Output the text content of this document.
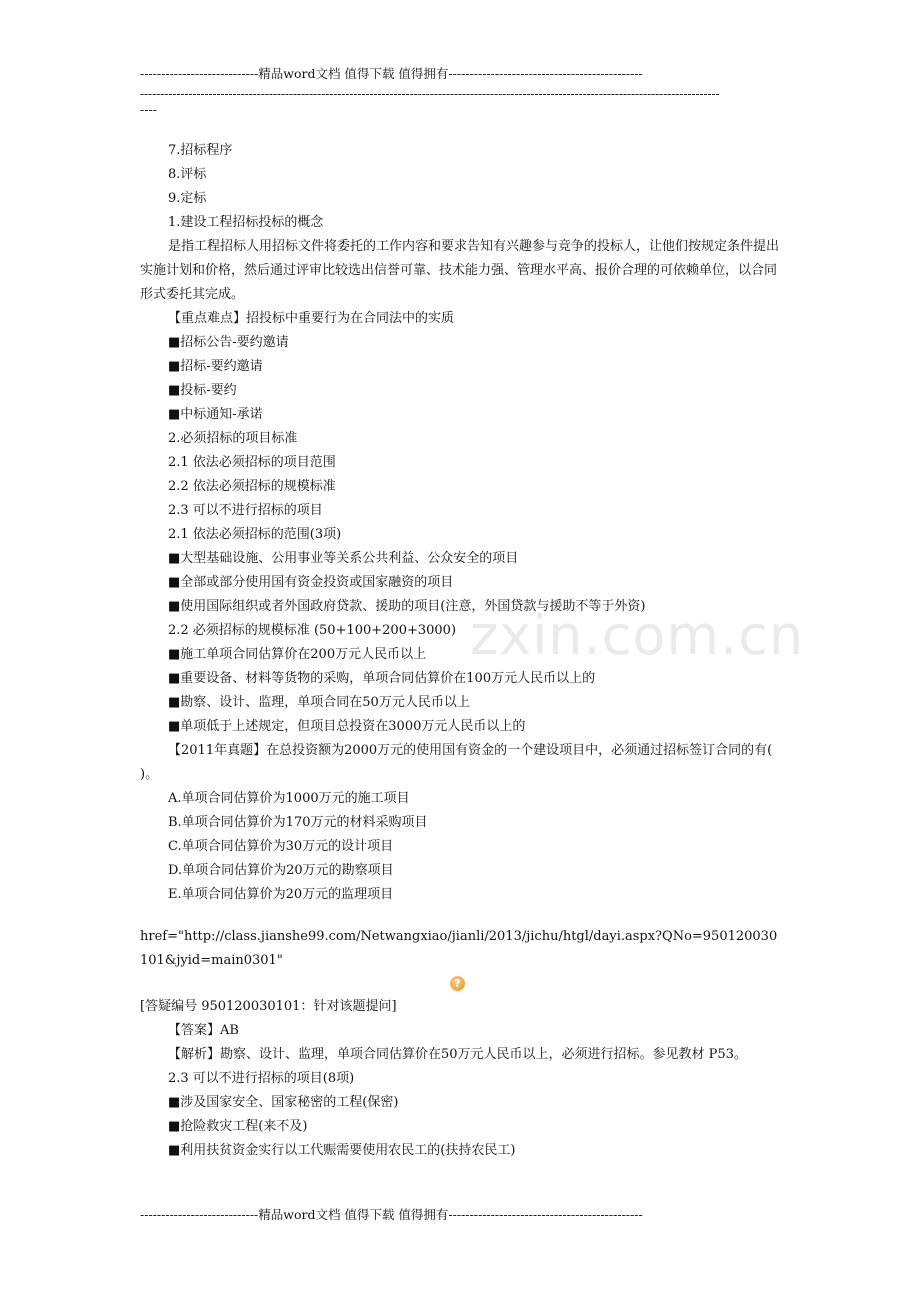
zxin.com.cn
----------------------------精品word文档 值得下载 值得拥有----------------------------------------------
------------------------------------------------------------------------------------------------------------------------------------------------
----
7.招标程序
8.评标
9.定标
1.建设工程招标投标的概念
是指工程招标人用招标文件将委托的工作内容和要求告知有兴趣参与竞争的投标人，让他们按规定条件提出实施计划和价格，然后通过评审比较选出信誉可靠、技术能力强、管理水平高、报价合理的可依赖单位，以合同形式委托其完成。
【重点难点】招投标中重要行为在合同法中的实质
■招标公告-要约邀请
■招标-要约邀请
■投标-要约
■中标通知-承诺
2.必须招标的项目标准
2.1 依法必须招标的项目范围
2.2 依法必须招标的规模标准
2.3 可以不进行招标的项目
2.1 依法必须招标的范围(3项)
■大型基础设施、公用事业等关系公共利益、公众安全的项目
■全部或部分使用国有资金投资或国家融资的项目
■使用国际组织或者外国政府贷款、援助的项目(注意，外国贷款与援助不等于外资)
2.2 必须招标的规模标准 (50+100+200+3000)
■施工单项合同估算价在200万元人民币以上
■重要设备、材料等货物的采购，单项合同估算价在100万元人民币以上的
■勘察、设计、监理，单项合同在50万元人民币以上
■单项低于上述规定，但项目总投资在3000万元人民币以上的
【2011年真题】在总投资额为2000万元的使用国有资金的一个建设项目中，必须通过招标签订合同的有( )。
A.单项合同估算价为1000万元的施工项目
B.单项合同估算价为170万元的材料采购项目
C.单项合同估算价为30万元的设计项目
D.单项合同估算价为20万元的勘察项目
E.单项合同估算价为20万元的监理项目
href="http://class.jianshe99.com/Netwangxiao/jianli/2013/jichu/htgl/dayi.aspx?QNo=950120030101&jyid=main0301"
?
[答疑编号 950120030101：针对该题提问]
【答案】AB
【解析】勘察、设计、监理，单项合同估算价在50万元人民币以上，必须进行招标。参见教材 P53。
2.3 可以不进行招标的项目(8项)
■涉及国家安全、国家秘密的工程(保密)
■抢险救灾工程(来不及)
■利用扶贫资金实行以工代赈需要使用农民工的(扶持农民工)
----------------------------精品word文档 值得下载 值得拥有----------------------------------------------
